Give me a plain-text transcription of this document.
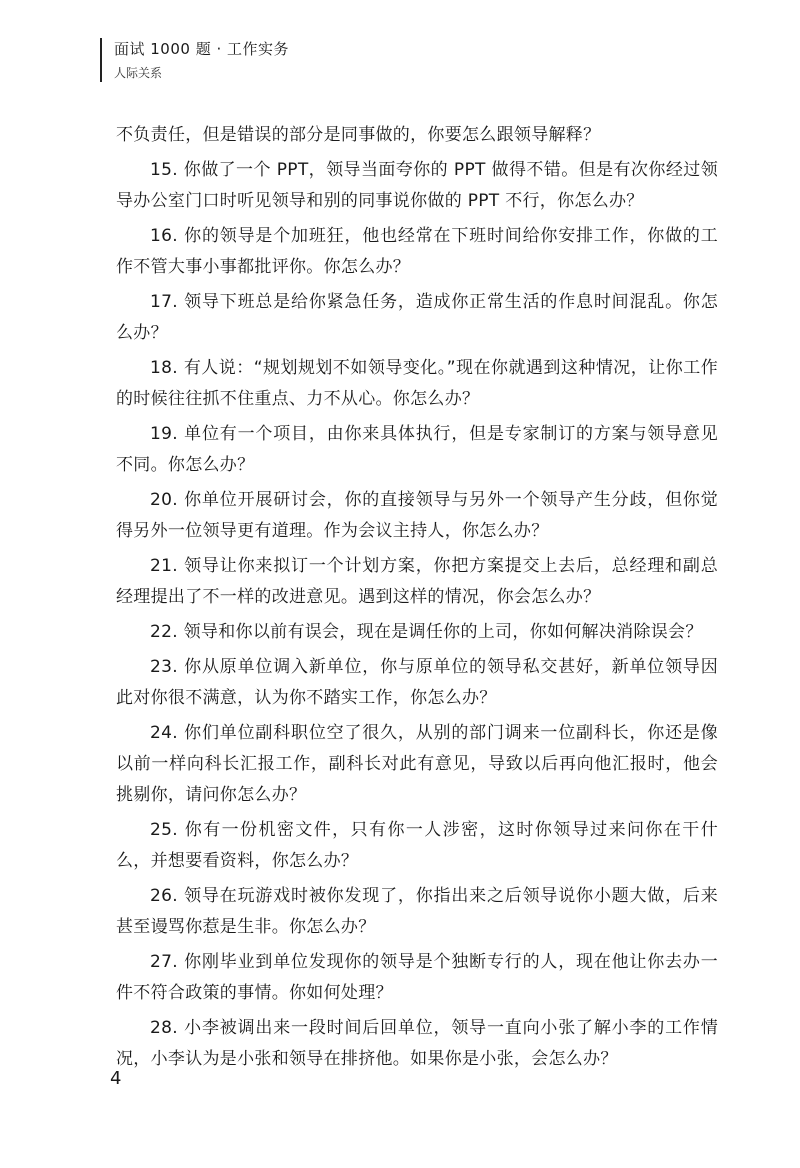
面试 1000 题 · 工作实务
人际关系

不负责任，但是错误的部分是同事做的，你要怎么跟领导解释？

15. 你做了一个 PPT，领导当面夸你的 PPT 做得不错。但是有次你经过领导办公室门口时听见领导和别的同事说你做的 PPT 不行，你怎么办？

16. 你的领导是个加班狂，他也经常在下班时间给你安排工作，你做的工作不管大事小事都批评你。你怎么办？

17. 领导下班总是给你紧急任务，造成你正常生活的作息时间混乱。你怎么办？

18. 有人说：“规划规划不如领导变化。”现在你就遇到这种情况，让你工作的时候往往抓不住重点、力不从心。你怎么办？

19. 单位有一个项目，由你来具体执行，但是专家制订的方案与领导意见不同。你怎么办？

20. 你单位开展研讨会，你的直接领导与另外一个领导产生分歧，但你觉得另外一位领导更有道理。作为会议主持人，你怎么办？

21. 领导让你来拟订一个计划方案，你把方案提交上去后，总经理和副总经理提出了不一样的改进意见。遇到这样的情况，你会怎么办？

22. 领导和你以前有误会，现在是调任你的上司，你如何解决消除误会？

23. 你从原单位调入新单位，你与原单位的领导私交甚好，新单位领导因此对你很不满意，认为你不踏实工作，你怎么办？

24. 你们单位副科职位空了很久，从别的部门调来一位副科长，你还是像以前一样向科长汇报工作，副科长对此有意见，导致以后再向他汇报时，他会挑剔你，请问你怎么办？

25. 你有一份机密文件，只有你一人涉密，这时你领导过来问你在干什么，并想要看资料，你怎么办？

26. 领导在玩游戏时被你发现了，你指出来之后领导说你小题大做，后来甚至谩骂你惹是生非。你怎么办？

27. 你刚毕业到单位发现你的领导是个独断专行的人，现在他让你去办一件不符合政策的事情。你如何处理？

28. 小李被调出来一段时间后回单位，领导一直向小张了解小李的工作情况，小李认为是小张和领导在排挤他。如果你是小张，会怎么办？

4
